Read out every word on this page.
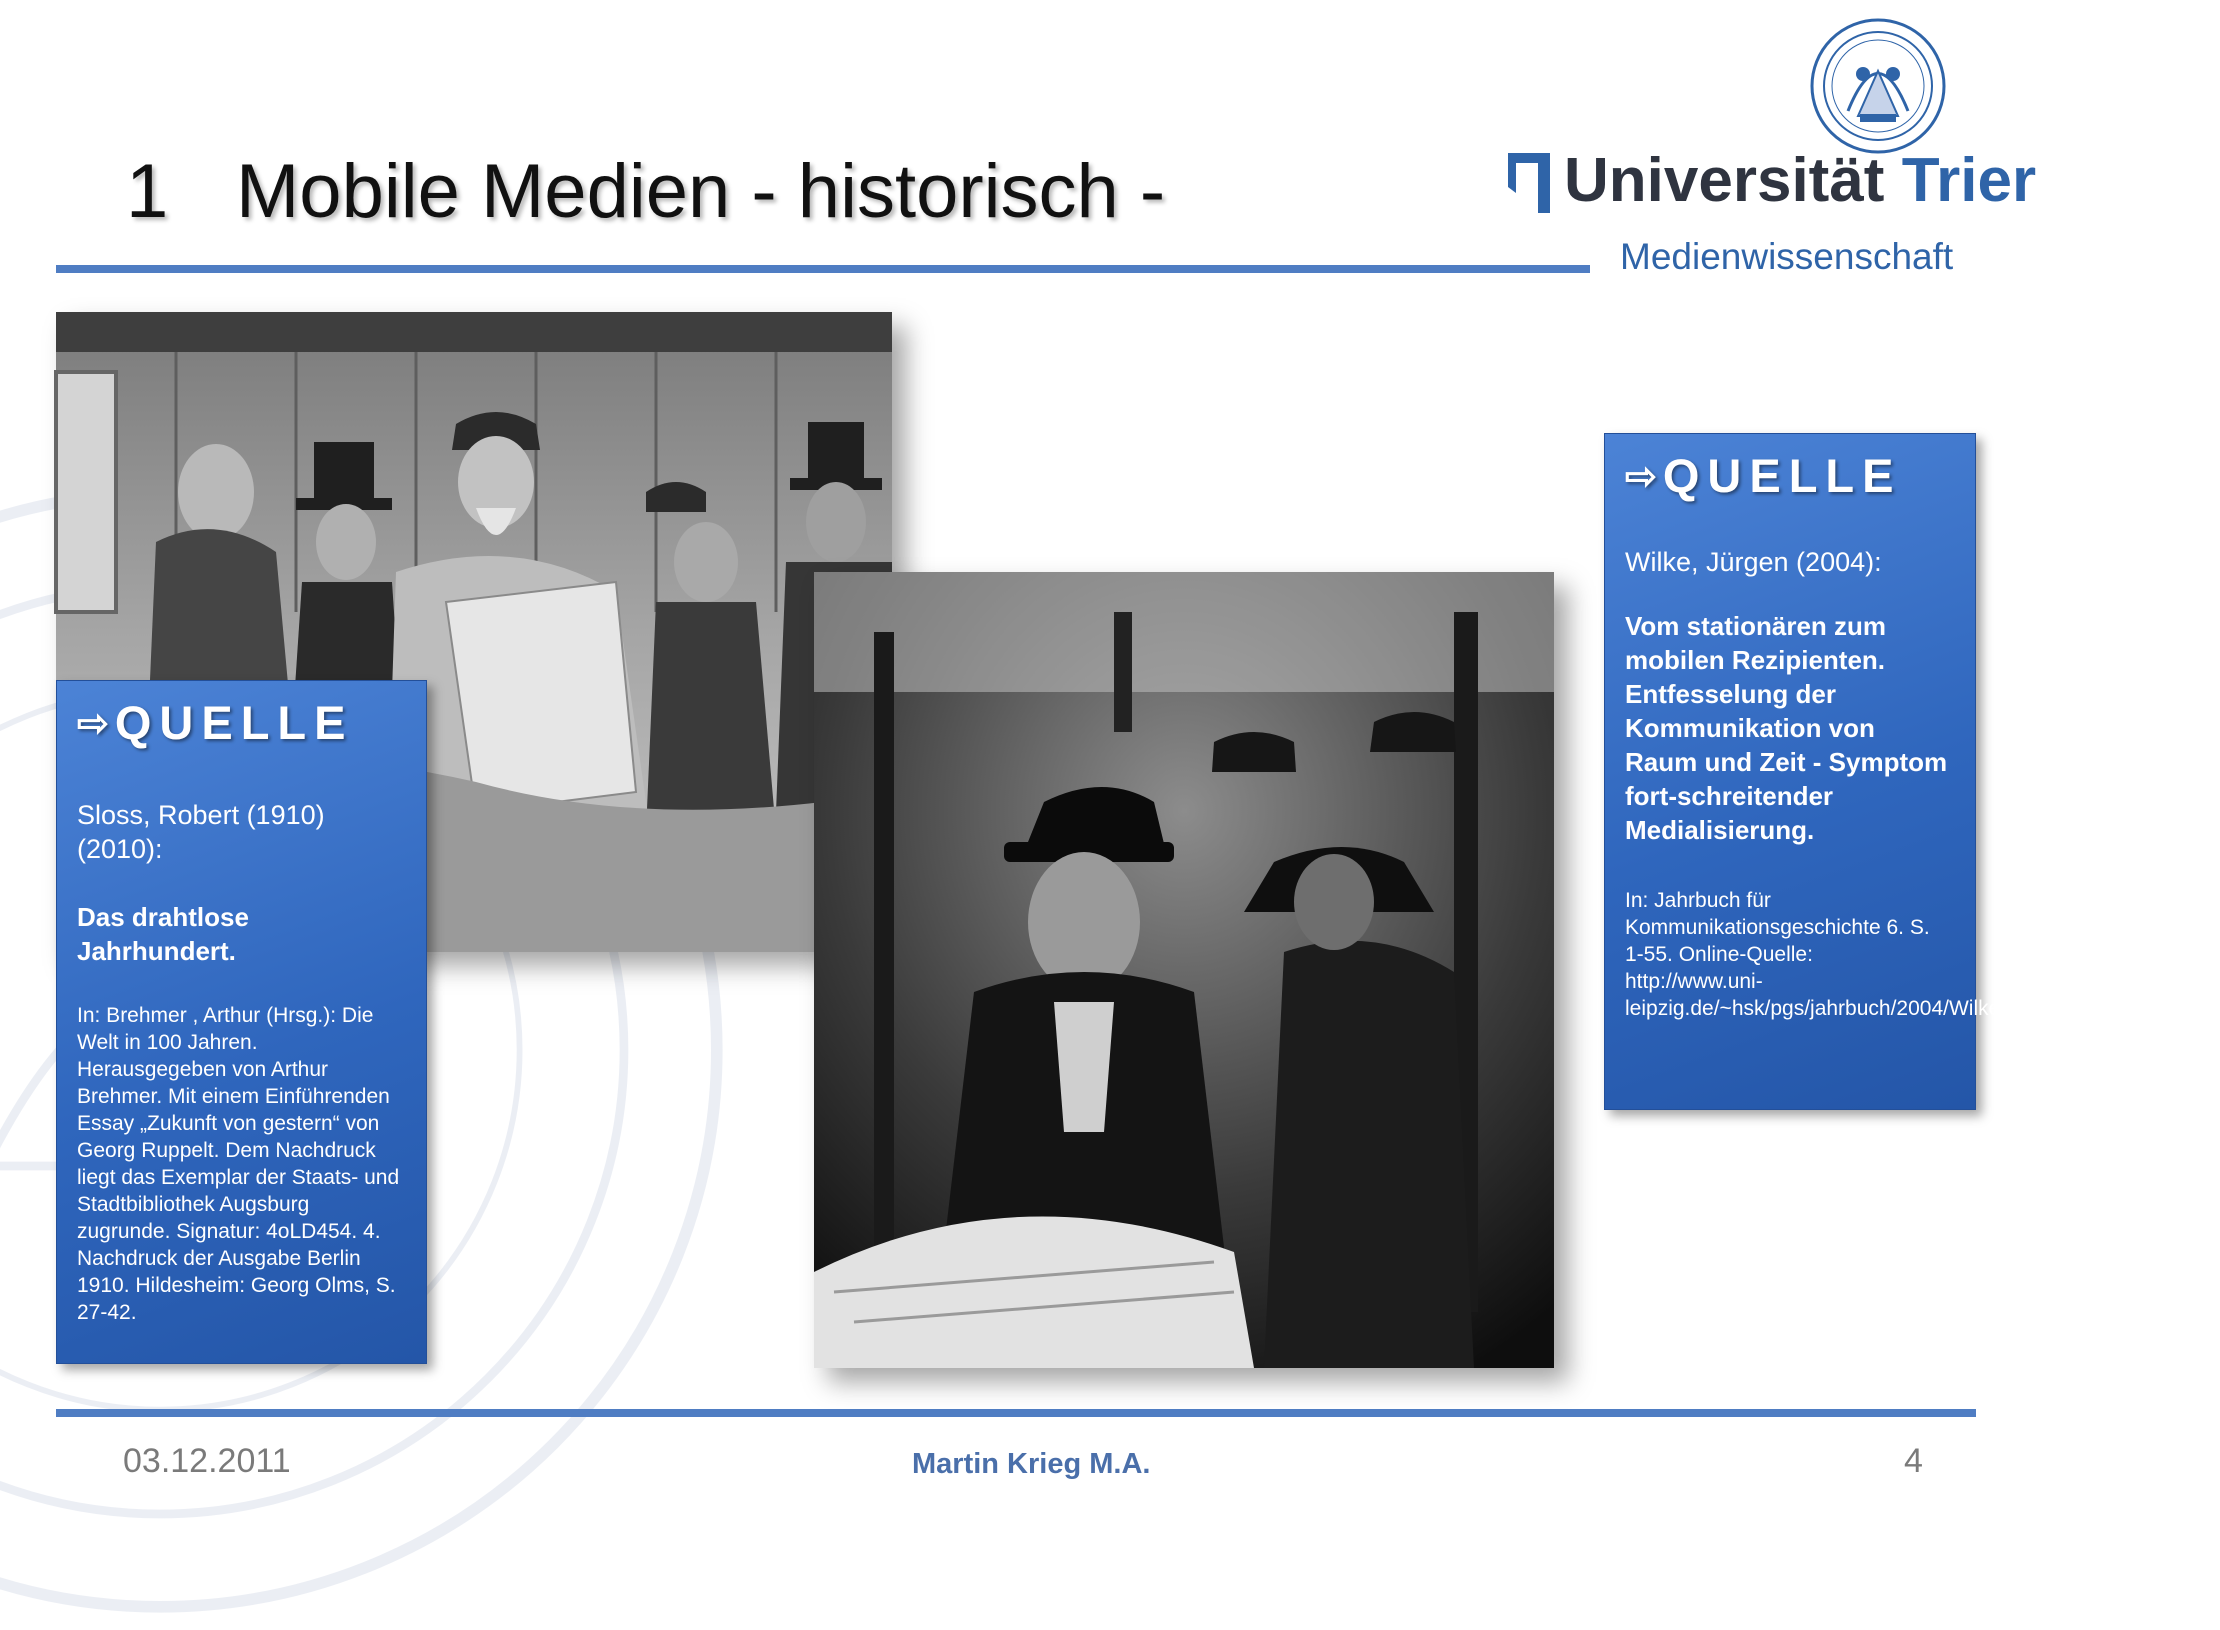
1 Mobile Medien - historisch -	Universität Trier
Medienwissenschaft
⇨ QUELLE
Sloss, Robert (1910) (2010):
Das drahtlose Jahrhundert.
In: Brehmer , Arthur (Hrsg.): Die Welt in 100 Jahren. Herausgegeben von Arthur Brehmer. Mit einem Einführenden Essay „Zukunft von gestern“ von Georg Ruppelt. Dem Nachdruck liegt das Exemplar der Staats- und Stadtbibliothek Augsburg zugrunde. Signatur: 4oLD454. 4. Nachdruck der Ausgabe Berlin 1910. Hildesheim: Georg Olms, S. 27-42.
⇨ QUELLE
Wilke, Jürgen (2004):
Vom stationären zum mobilen Rezipienten. Entfesselung der Kommunikation von Raum und Zeit - Symptom fort-schreitender Medialisierung.
In: Jahrbuch für Kommunikationsgeschichte 6. S. 1-55. Online-Quelle: http://www.uni-leipzig.de/~hsk/pgs/jahrbuch/2004/Wilke_mobileRezipienten.pdf
03.12.2011	Martin Krieg M.A.	4
